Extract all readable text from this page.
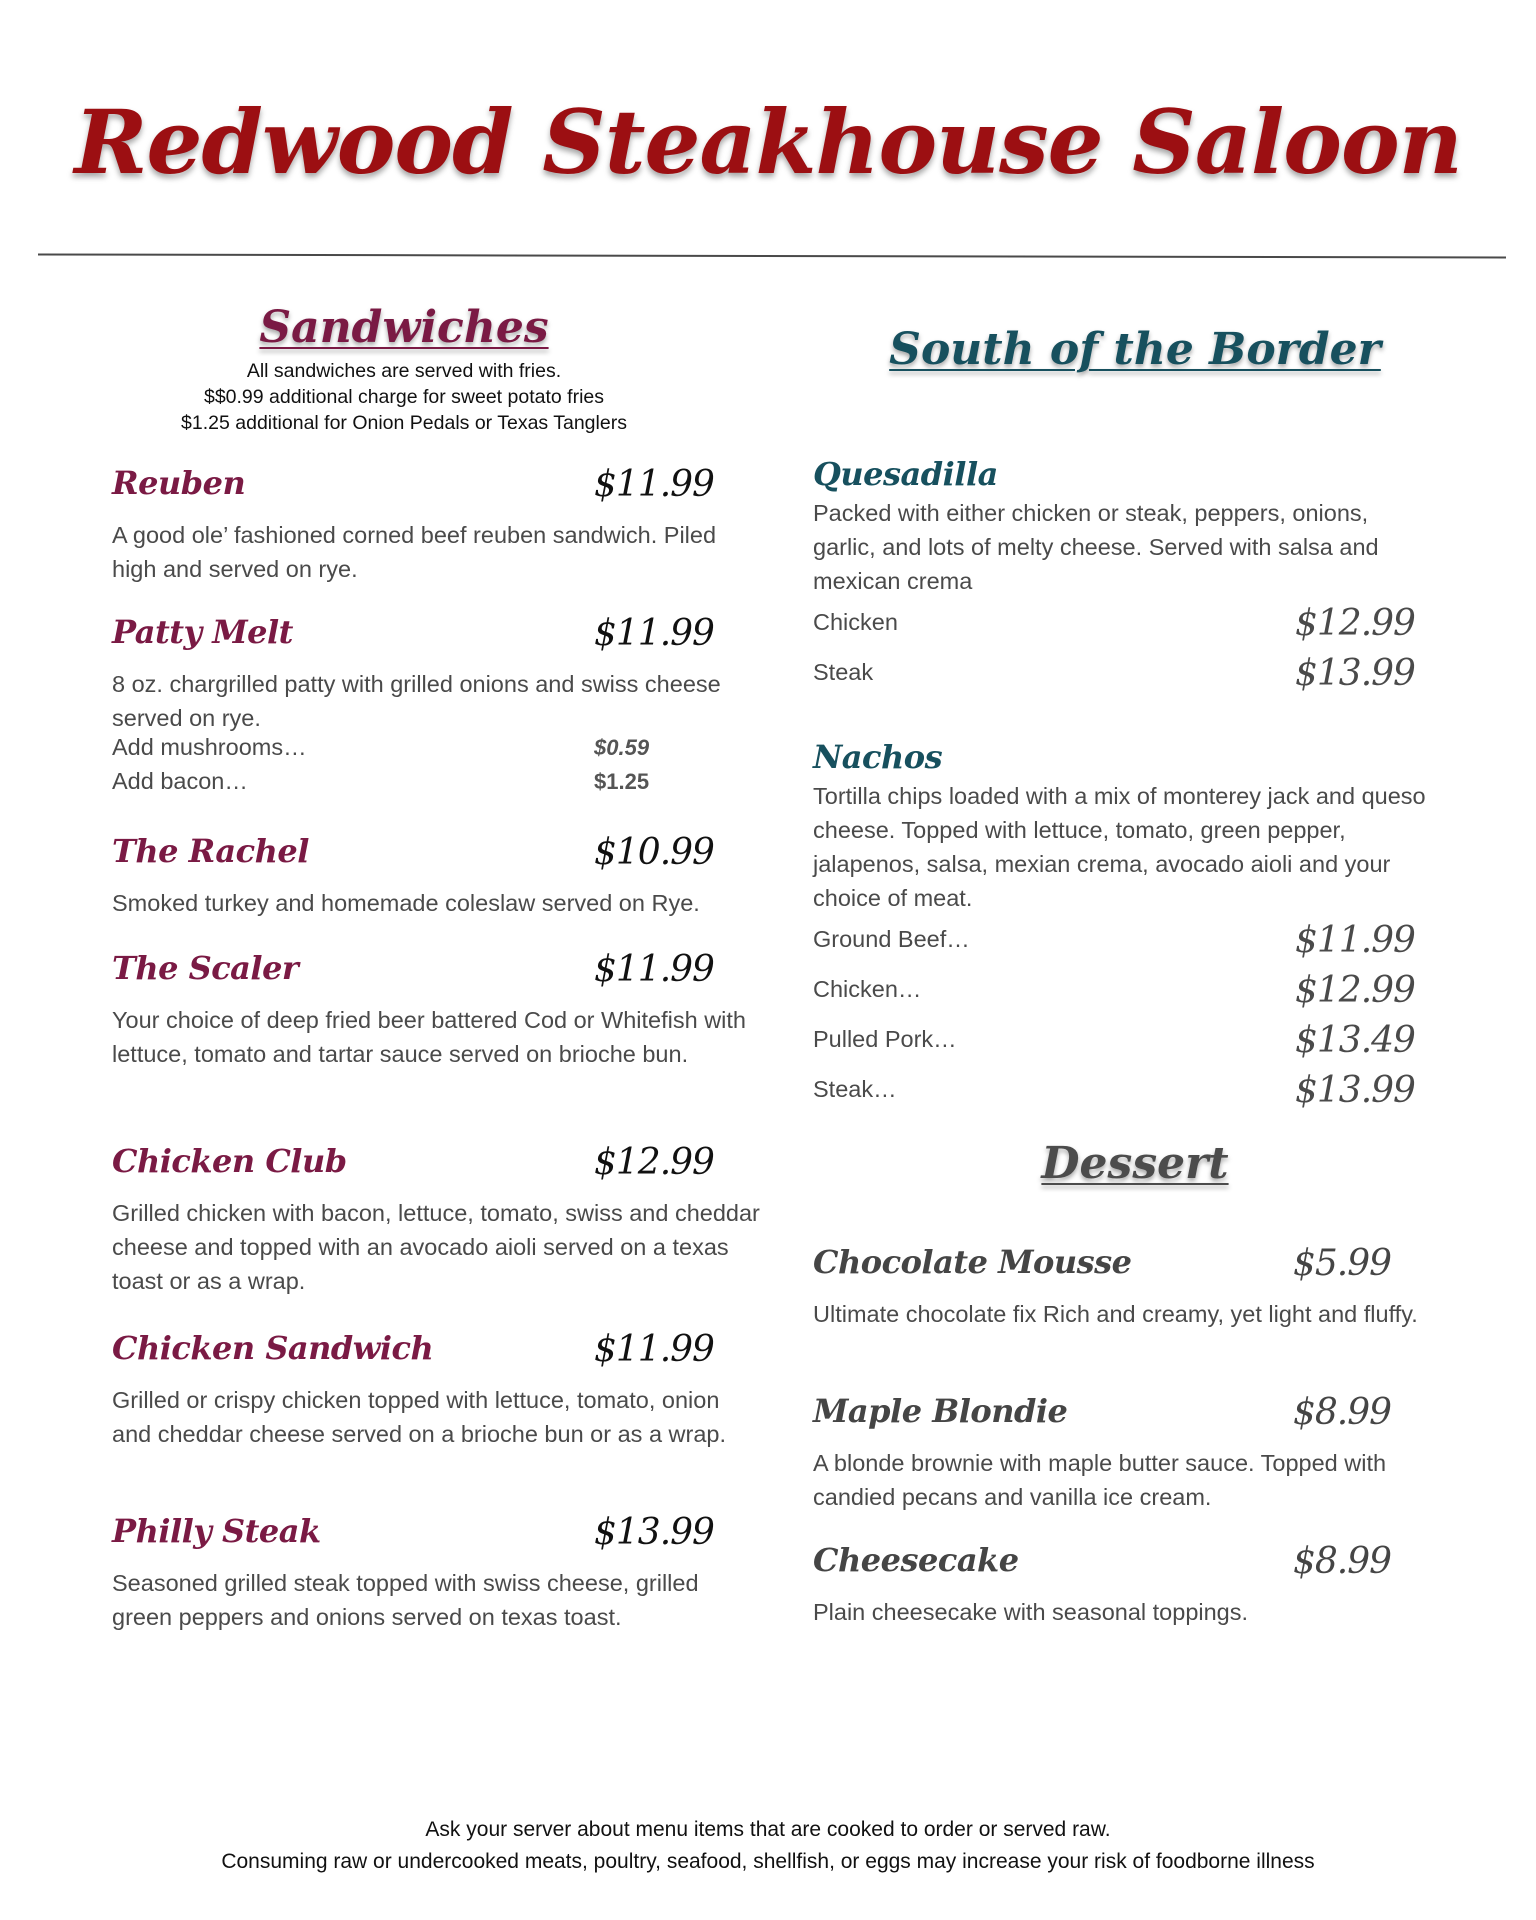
Redwood Steakhouse Saloon
Sandwiches
All sandwiches are served with fries.
$$0.99 additional charge for sweet potato fries
$1.25 additional for Onion Pedals or Texas Tanglers
Reuben	$11.99
A good ole’ fashioned corned beef reuben sandwich. Piled high and served on rye.
Patty Melt	$11.99
8 oz. chargrilled patty with grilled onions and swiss cheese served on rye.
Add mushrooms…	$0.59
Add bacon…	$1.25
The Rachel	$10.99
Smoked turkey and homemade coleslaw served on Rye.
The Scaler	$11.99
Your choice of deep fried beer battered Cod or Whitefish with lettuce, tomato and tartar sauce served on brioche bun.
Chicken Club	$12.99
Grilled chicken with bacon, lettuce, tomato, swiss and cheddar cheese and topped with an avocado aioli served on a texas toast or as a wrap.
Chicken Sandwich	$11.99
Grilled or crispy chicken topped with lettuce, tomato, onion and cheddar cheese served on a brioche bun or as a wrap.
Philly Steak	$13.99
Seasoned grilled steak topped with swiss cheese, grilled green peppers and onions served on texas toast.
South of the Border
Quesadilla
Packed with either chicken or steak, peppers, onions, garlic, and lots of melty cheese. Served with salsa and mexican crema
Chicken	$12.99
Steak	$13.99
Nachos
Tortilla chips loaded with a mix of monterey jack and queso cheese. Topped with lettuce, tomato, green pepper, jalapenos, salsa, mexian crema, avocado aioli and your choice of meat.
Ground Beef…	$11.99
Chicken…	$12.99
Pulled Pork…	$13.49
Steak…	$13.99
Dessert
Chocolate Mousse	$5.99
Ultimate chocolate fix Rich and creamy, yet light and fluffy.
Maple Blondie	$8.99
A blonde brownie with maple butter sauce. Topped with candied pecans and vanilla ice cream.
Cheesecake	$8.99
Plain cheesecake with seasonal toppings.
Ask your server about menu items that are cooked to order or served raw.
Consuming raw or undercooked meats, poultry, seafood, shellfish, or eggs may increase your risk of foodborne illness
